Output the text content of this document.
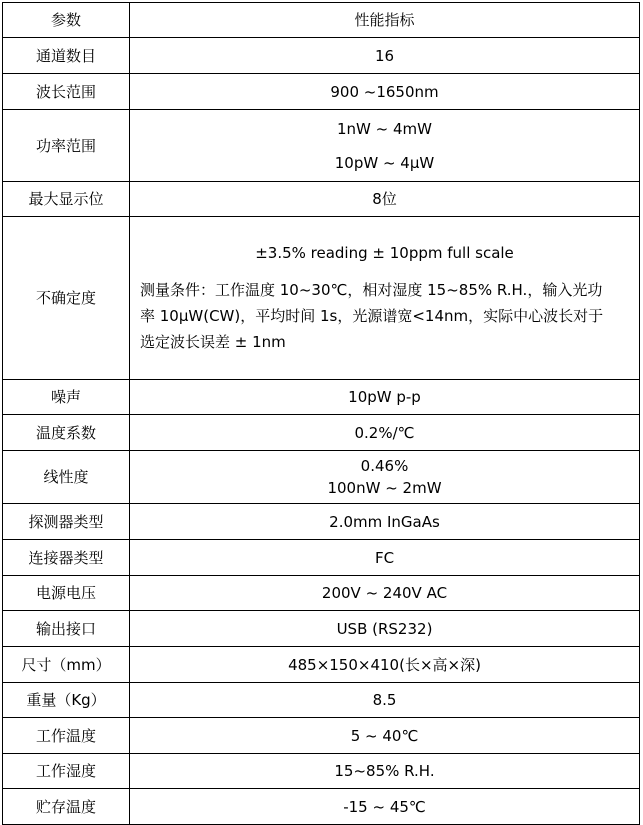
参数	性能指标
通道数目	16
波长范围	900 ~1650nm
功率范围	1nW ~ 4mW
10pW ~ 4μW

最大显示位	8位
不确定度	±3.5% reading ± 10ppm full scale
测量条件：工作温度 10~30℃，相对湿度 15~85% R.H.，输入光功
率 10μW(CW)，平均时间 1s，光源谱宽<14nm，实际中心波长对于
选定波长误差 ± 1nm

噪声	10pW p-p
温度系数	0.2%/℃
线性度	0.46%
100nW ~ 2mW

探测器类型	2.0mm InGaAs
连接器类型	FC
电源电压	200V ~ 240V AC
输出接口	USB (RS232)
尺寸（mm）	485×150×410(长×高×深)
重量（Kg）	8.5
工作温度	5 ~ 40℃
工作湿度	15~85% R.H.
贮存温度	-15 ~ 45℃
